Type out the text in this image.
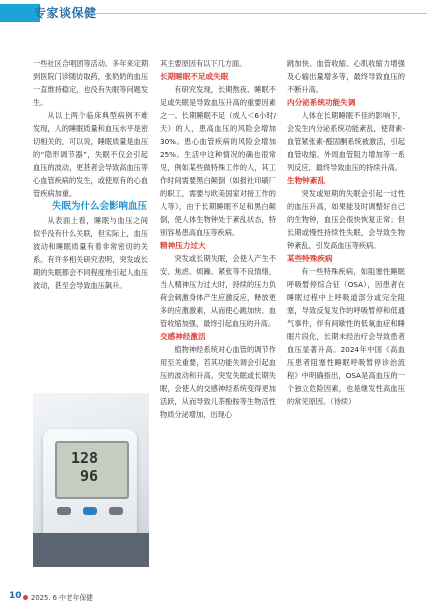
专家谈保健

一些社区合唱团等活动。多年来定期到医院门诊随访取药，张奶奶的血压一直维持稳定，也没有失眠等问题发生。

从以上两个临床典型病例不难发现，人的睡眠质量和血压水平是密切相关的，可以说，睡眠质量是血压的“隐形调节器”，失眠不仅会引起血压的波动，更甚者会导致高血压等心血管疾病的发生，或使原有的心血管疾病加重。

失眠为什么会影响血压

从表面上看，睡眠与血压之间似乎没有什么关联，但实际上，血压波动和睡眠质量有着非常密切的关系。有许多相关研究表明，突发或长期的失眠都会不同程度地引起人血压波动，甚至会导致血压飙升。

128
96

其主要原因有以下几方面。

长期睡眠不足或失眠

有研究发现，长期熬夜、睡眠不足或失眠是导致血压升高的重要因素之一。长期睡眠不足（成人＜6小时/天）的人，患高血压的风险会增加30%。患心血管疾病的风险会增加25%。生活中这种情况的确也很常见，例如某些做特殊工作的人，其工作时间需要黑白颠倒（如报社印刷厂的职工，需要与欧美国家对接工作的人等），由于长期睡眠不足和黑白颠倒，使人体生物钟处于紊乱状态，特别容易患高血压等疾病。

精神压力过大

突发或长期失眠，会使人产生不安、焦虑、烦躁、紧张等不良情绪，当人精神压力过大时，持续的压力负荷会刺激身体产生应激反应，释放更多的应激激素，从而使心跳加快、血管收缩加强，最终引起血压的升高。

交感神经激活

植物神经系统对心血管的调节作用至关重要，若其功能失调会引起血压的波动和升高。突发失眠或长期失眠，会使人的交感神经系统变得更加活跃，从而导致儿茶酚胺等生物活性物质分泌增加，出现心

跳加快、血管收缩、心肌收缩力增强及心输出量增多等，最终导致血压的不断升高。

内分泌系统功能失调

人体在长期睡眠不佳的影响下，会发生内分泌系统功能紊乱，使肾素-血管紧张素-醛固酮系统被激活，引起血管收缩、外周血管阻力增加等一系列反应，最终导致血压的持续升高。

生物钟紊乱

突发或短期的失眠会引起一过性的血压升高，如果能及时调整好自己的生物钟，血压会很快恢复正常；但长期或慢性持续性失眠，会导致生物钟紊乱，引发高血压等疾病。

某些特殊疾病

有一些特殊疾病，如阻塞性睡眠呼吸暂停综合征（OSA），因患者在睡眠过程中上呼吸道部分或完全阻塞，导致反复发作的呼吸暂停和低通气事件，伴有间歇性的低氧血症和睡眠片段化，长期未经治疗会导致患者血压显著升高。2024年中国《高血压患者阻塞性睡眠呼吸暂停诊治流程》中明确指出，OSA是高血压的一个独立危险因素，也是继发性高血压的常见原因。（待续）

10 2025. 6 中老年保健
